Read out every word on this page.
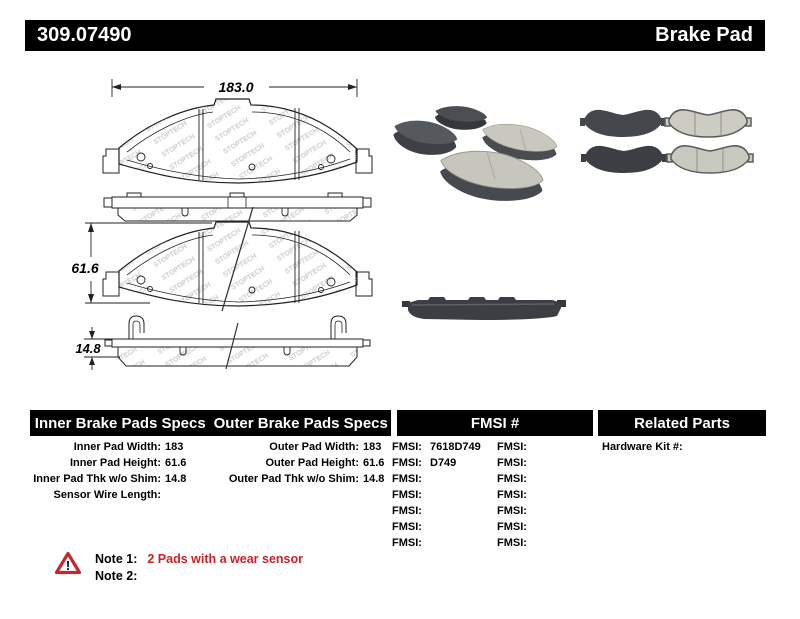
183.0
61.6
14.8
309.07490	Brake Pad
Inner Brake Pads Specs Outer Brake Pads Specs	FMSI #	Related Parts
Inner Pad Width: 183
Inner Pad Height: 61.6
Inner Pad Thk w/o Shim: 14.8
Sensor Wire Length:
Outer Pad Width: 183
Outer Pad Height: 61.6
Outer Pad Thk w/o Shim: 14.8
FMSI: 7618D749
FMSI: D749
FMSI:
FMSI:
FMSI:
FMSI:
FMSI:
FMSI:
FMSI:
FMSI:
FMSI:
FMSI:
FMSI:
FMSI:
Hardware Kit #:
! Note 1: 2 Pads with a wear sensor
Note 2:
